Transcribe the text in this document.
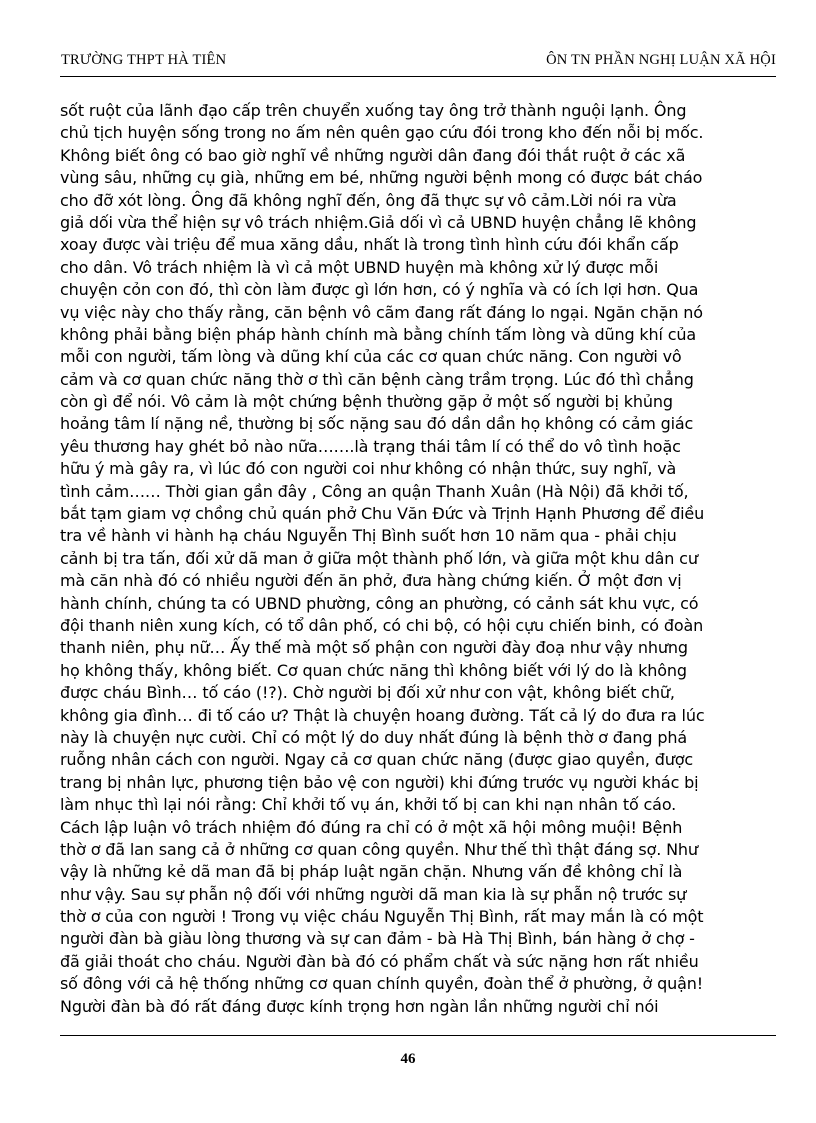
TRƯỜNG THPT HÀ TIÊN	ÔN TN PHẦN NGHỊ LUẬN XÃ HỘI
sốt ruột của lãnh đạo cấp trên chuyển xuống tay ông trở thành nguội lạnh. Ông
chủ tịch huyện sống trong no ấm nên quên gạo cứu đói trong kho đến nỗi bị mốc.
Không biết ông có bao giờ nghĩ về những người dân đang đói thắt ruột ở các xã
vùng sâu, những cụ già, những em bé, những người bệnh mong có được bát cháo
cho đỡ xót lòng. Ông đã không nghĩ đến, ông đã thực sự vô cảm.Lời nói ra vừa
giả dối vừa thể hiện sự vô trách nhiệm.Giả dối vì cả UBND huyện chẳng lẽ không
xoay được vài triệu để mua xăng dầu, nhất là trong tình hình cứu đói khẩn cấp
cho dân. Vô trách nhiệm là vì cả một UBND huyện mà không xử lý được mỗi
chuyện cỏn con đó, thì còn làm được gì lớn hơn, có ý nghĩa và có ích lợi hơn. Qua
vụ việc này cho thấy rằng, căn bệnh vô cãm đang rất đáng lo ngại. Ngăn chặn nó
không phải bằng biện pháp hành chính mà bằng chính tấm lòng và dũng khí của
mỗi con người, tấm lòng và dũng khí của các cơ quan chức năng. Con người vô
cảm và cơ quan chức năng thờ ơ thì căn bệnh càng trầm trọng. Lúc đó thì chẳng
còn gì để nói. Vô cảm là một chứng bệnh thường gặp ở một số người bị khủng
hoảng tâm lí nặng nề, thường bị sốc nặng sau đó dần dần họ không có cảm giác
yêu thương hay ghét bỏ nào nữa…….là trạng thái tâm lí có thể do vô tình hoặc
hữu ý mà gây ra, vì lúc đó con người coi như không có nhận thức, suy nghĩ, và
tình cảm…… Thời gian gần đây , Công an quận Thanh Xuân (Hà Nội) đã khởi tố,
bắt tạm giam vợ chồng chủ quán phở Chu Văn Đức và Trịnh Hạnh Phương để điều
tra về hành vi hành hạ cháu Nguyễn Thị Bình suốt hơn 10 năm qua - phải chịu
cảnh bị tra tấn, đối xử dã man ở giữa một thành phố lớn, và giữa một khu dân cư
mà căn nhà đó có nhiều người đến ăn phở, đưa hàng chứng kiến. Ở một đơn vị
hành chính, chúng ta có UBND phường, công an phường, có cảnh sát khu vực, có
đội thanh niên xung kích, có tổ dân phố, có chi bộ, có hội cựu chiến binh, có đoàn
thanh niên, phụ nữ… Ấy thế mà một số phận con người đày đoạ như vậy nhưng
họ không thấy, không biết. Cơ quan chức năng thì không biết với lý do là không
được cháu Bình… tố cáo (!?). Chờ người bị đối xử như con vật, không biết chữ,
không gia đình… đi tố cáo ư? Thật là chuyện hoang đường. Tất cả lý do đưa ra lúc
này là chuyện nực cười. Chỉ có một lý do duy nhất đúng là bệnh thờ ơ đang phá
ruỗng nhân cách con người. Ngay cả cơ quan chức năng (được giao quyền, được
trang bị nhân lực, phương tiện bảo vệ con người) khi đứng trước vụ người khác bị
làm nhục thì lại nói rằng: Chỉ khởi tố vụ án, khởi tố bị can khi nạn nhân tố cáo.
Cách lập luận vô trách nhiệm đó đúng ra chỉ có ở một xã hội mông muội! Bệnh
thờ ơ đã lan sang cả ở những cơ quan công quyền. Như thế thì thật đáng sợ. Như
vậy là những kẻ dã man đã bị pháp luật ngăn chặn. Nhưng vấn đề không chỉ là
như vậy. Sau sự phẫn nộ đối với những người dã man kia là sự phẫn nộ trước sự
thờ ơ của con người ! Trong vụ việc cháu Nguyễn Thị Bình, rất may mắn là có một
người đàn bà giàu lòng thương và sự can đảm - bà Hà Thị Bình, bán hàng ở chợ -
đã giải thoát cho cháu. Người đàn bà đó có phẩm chất và sức nặng hơn rất nhiều
số đông với cả hệ thống những cơ quan chính quyền, đoàn thể ở phường, ở quận!
Người đàn bà đó rất đáng được kính trọng hơn ngàn lần những người chỉ nói
46
